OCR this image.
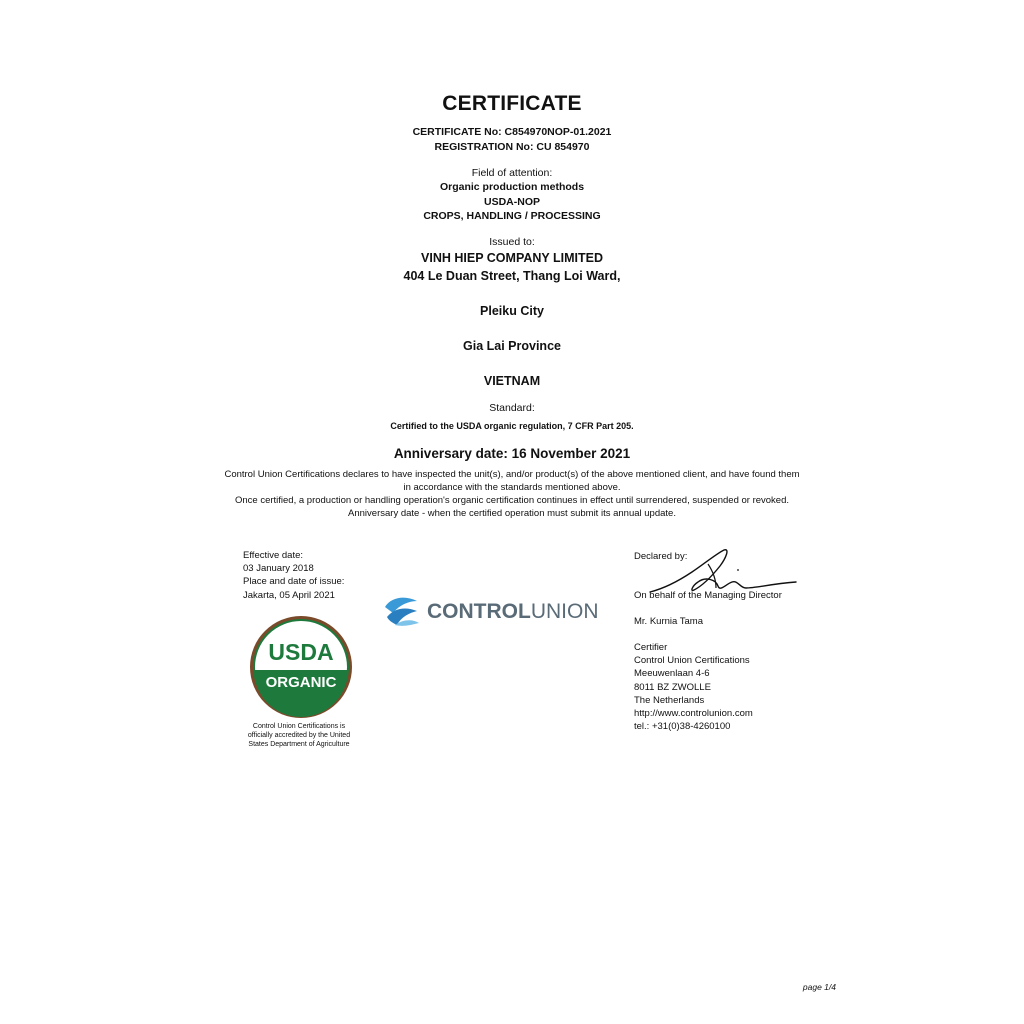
CERTIFICATE
CERTIFICATE No: C854970NOP-01.2021
REGISTRATION No: CU 854970
Field of attention:
Organic production methods
USDA-NOP
CROPS, HANDLING / PROCESSING
Issued to:
VINH HIEP COMPANY LIMITED
404 Le Duan Street, Thang Loi Ward,
Pleiku City
Gia Lai Province
VIETNAM
Standard:
Certified to the USDA organic regulation, 7 CFR Part 205.
Anniversary date: 16 November 2021
Control Union Certifications declares to have inspected the unit(s), and/or product(s) of the above mentioned client, and have found them
in accordance with the standards mentioned above.
Once certified, a production or handling operation's organic certification continues in effect until surrendered, suspended or revoked.
Anniversary date - when the certified operation must submit its annual update.
Effective date:
03 January 2018
Place and date of issue:
Jakarta, 05 April 2021
CONTROLUNION
USDA
ORGANIC
Control Union Certifications is
officially accredited by the United
States Department of Agriculture
Declared by:
On behalf of the Managing Director
Mr. Kurnia Tama
Certifier
Control Union Certifications
Meeuwenlaan 4-6
8011 BZ ZWOLLE
The Netherlands
http://www.controlunion.com
tel.: +31(0)38-4260100
page 1/4
